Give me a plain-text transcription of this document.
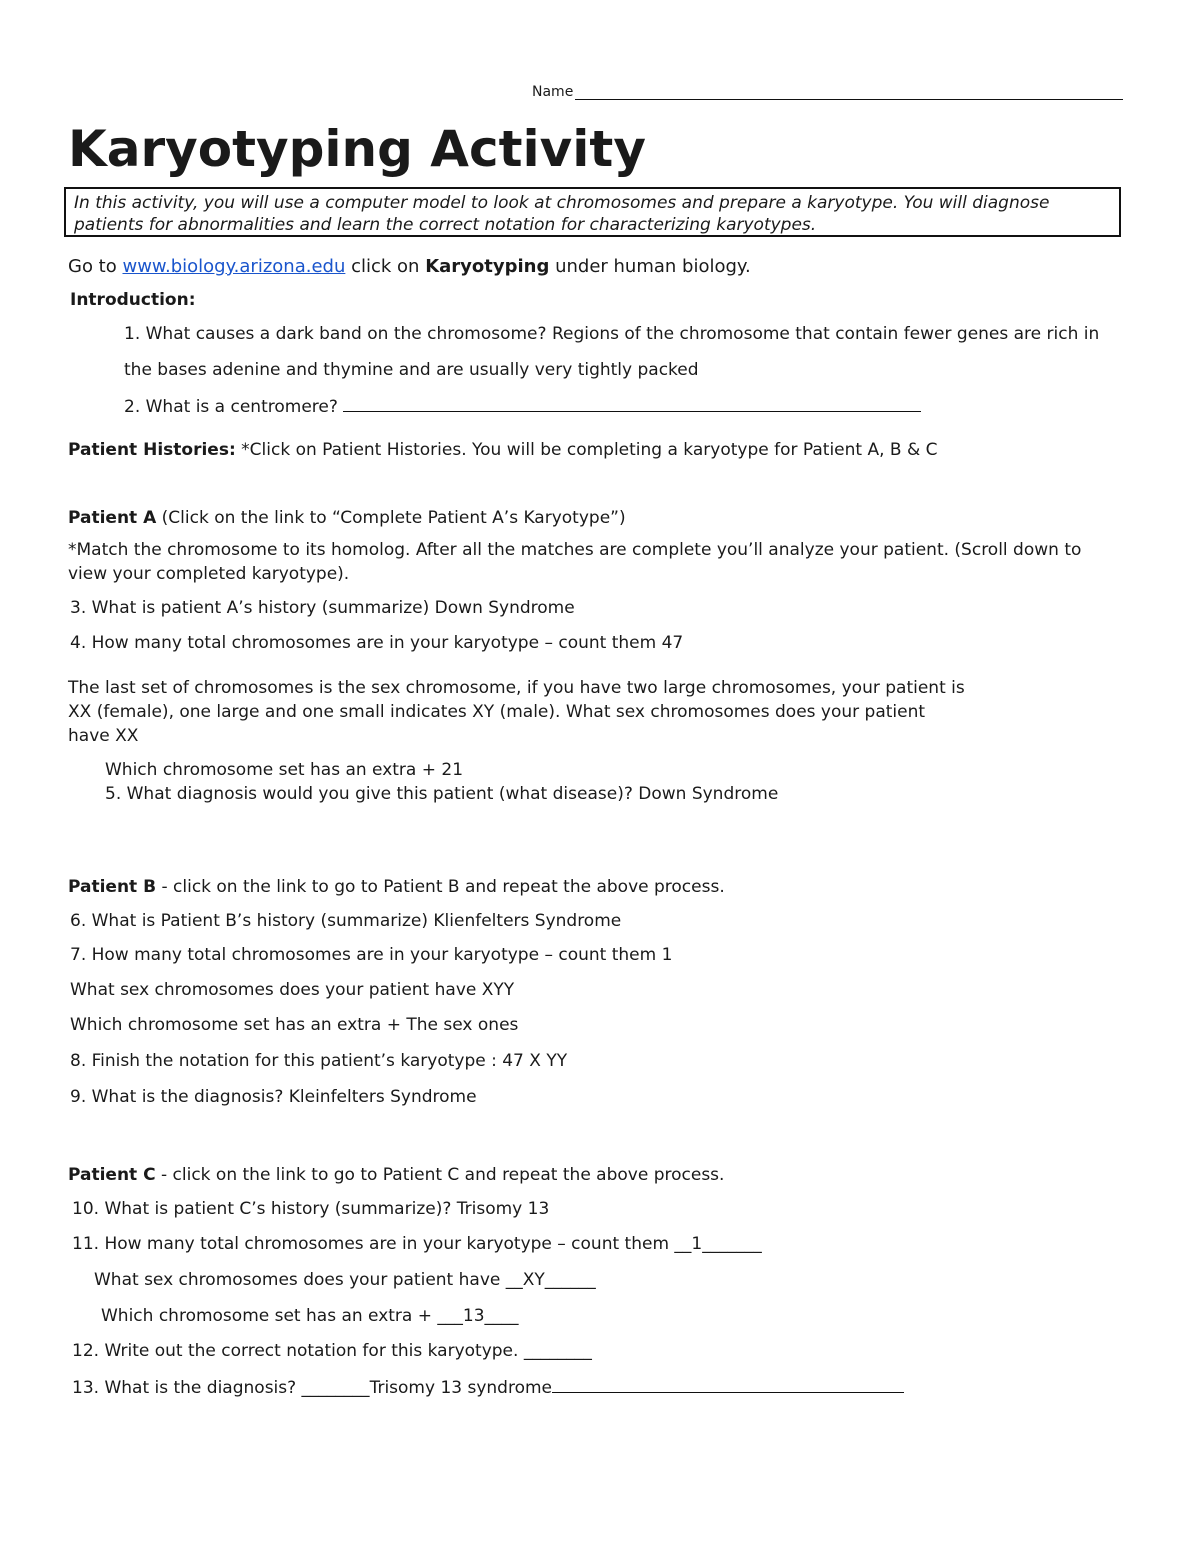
Name
Karyotyping Activity
In this activity, you will use a computer model to look at chromosomes and prepare a karyotype. You will diagnose patients for abnormalities and learn the correct notation for characterizing karyotypes.
Go to www.biology.arizona.edu click on Karyotyping under human biology.
Introduction:
1. What causes a dark band on the chromosome? Regions of the chromosome that contain fewer genes are rich in
the bases adenine and thymine and are usually very tightly packed
2. What is a centromere?
Patient Histories: *Click on Patient Histories. You will be completing a karyotype for Patient A, B & C
Patient A (Click on the link to “Complete Patient A’s Karyotype”)
*Match the chromosome to its homolog. After all the matches are complete you’ll analyze your patient. (Scroll down to
view your completed karyotype).
3. What is patient A’s history (summarize) Down Syndrome
4. How many total chromosomes are in your karyotype – count them 47
The last set of chromosomes is the sex chromosome, if you have two large chromosomes, your patient is
XX (female), one large and one small indicates XY (male). What sex chromosomes does your patient
have XX
Which chromosome set has an extra + 21
5. What diagnosis would you give this patient (what disease)? Down Syndrome
Patient B - click on the link to go to Patient B and repeat the above process.
6. What is Patient B’s history (summarize) Klienfelters Syndrome
7. How many total chromosomes are in your karyotype – count them 1
What sex chromosomes does your patient have XYY
Which chromosome set has an extra + The sex ones
8. Finish the notation for this patient’s karyotype : 47 X YY
9. What is the diagnosis? Kleinfelters Syndrome
Patient C - click on the link to go to Patient C and repeat the above process.
10. What is patient C’s history (summarize)? Trisomy 13
11. How many total chromosomes are in your karyotype – count them __1_______
What sex chromosomes does your patient have __XY______
Which chromosome set has an extra + ___13____
12. Write out the correct notation for this karyotype. ________
13. What is the diagnosis? ________Trisomy 13 syndrome
